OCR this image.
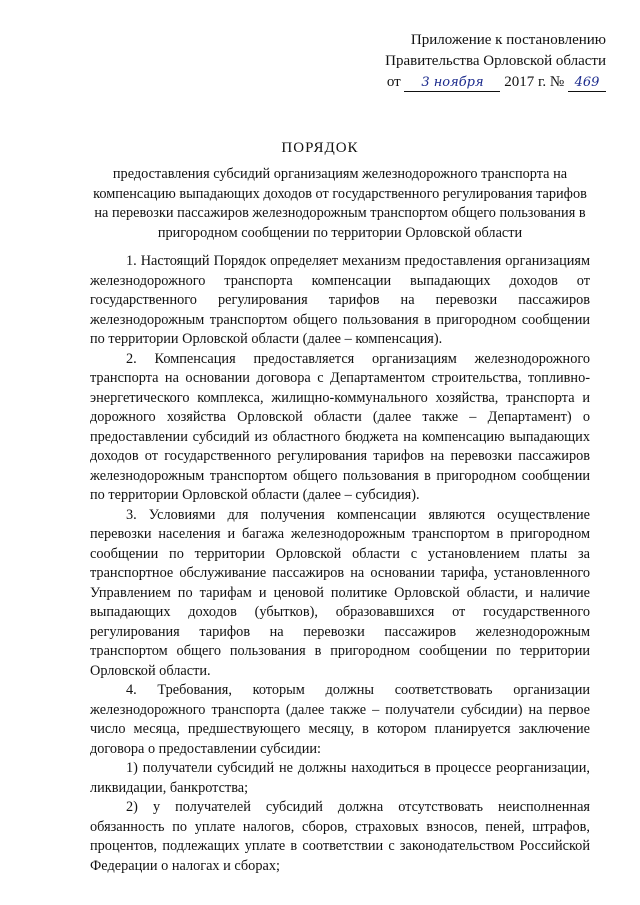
Приложение к постановлению
Правительства Орловской области
от 3 ноября 2017 г. № 469
ПОРЯДОК
предоставления субсидий организациям железнодорожного транспорта на компенсацию выпадающих доходов от государственного регулирования тарифов на перевозки пассажиров железнодорожным транспортом общего пользования в пригородном сообщении по территории Орловской области

1. Настоящий Порядок определяет механизм предоставления организациям железнодорожного транспорта компенсации выпадающих доходов от государственного регулирования тарифов на перевозки пассажиров железнодорожным транспортом общего пользования в пригородном сообщении по территории Орловской области (далее – компенсация).

2. Компенсация предоставляется организациям железнодорожного транспорта на основании договора с Департаментом строительства, топливно-энергетического комплекса, жилищно-коммунального хозяйства, транспорта и дорожного хозяйства Орловской области (далее также – Департамент) о предоставлении субсидий из областного бюджета на компенсацию выпадающих доходов от государственного регулирования тарифов на перевозки пассажиров железнодорожным транспортом общего пользования в пригородном сообщении по территории Орловской области (далее – субсидия).

3. Условиями для получения компенсации являются осуществление перевозки населения и багажа железнодорожным транспортом в пригородном сообщении по территории Орловской области с установлением платы за транспортное обслуживание пассажиров на основании тарифа, установленного Управлением по тарифам и ценовой политике Орловской области, и наличие выпадающих доходов (убытков), образовавшихся от государственного регулирования тарифов на перевозки пассажиров железнодорожным транспортом общего пользования в пригородном сообщении по территории Орловской области.

4. Требования, которым должны соответствовать организации железнодорожного транспорта (далее также – получатели субсидии) на первое число месяца, предшествующего месяцу, в котором планируется заключение договора о предоставлении субсидии:

1) получатели субсидий не должны находиться в процессе реорганизации, ликвидации, банкротства;

2) у получателей субсидий должна отсутствовать неисполненная обязанность по уплате налогов, сборов, страховых взносов, пеней, штрафов, процентов, подлежащих уплате в соответствии с законодательством Российской Федерации о налогах и сборах;
